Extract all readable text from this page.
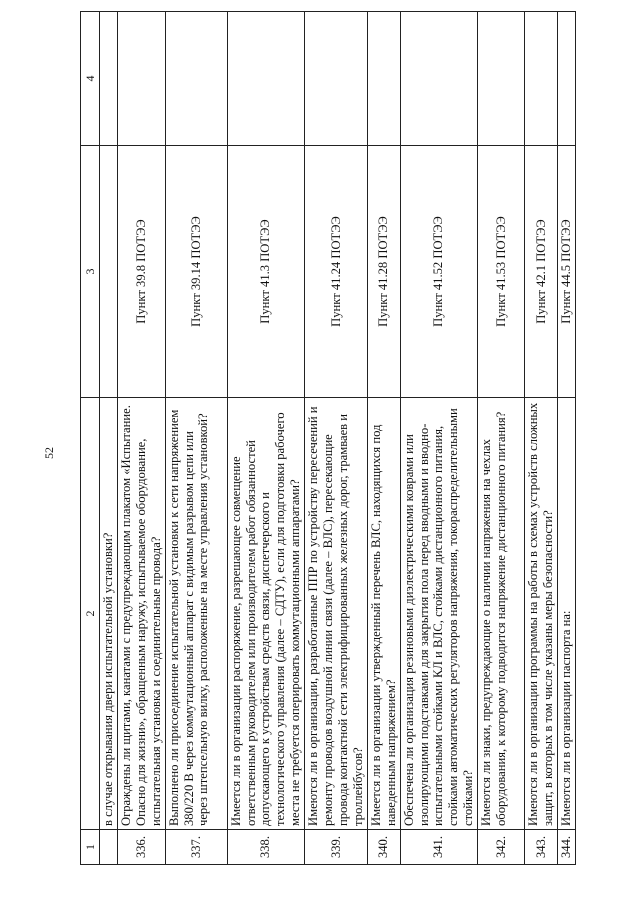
52
1	2	3	4
	в случае открывания двери испытательной установки?		
336.	Ограждены ли щитами, канатами с предупреждающим плакатом «Испытание. Опасно для жизни», обращенным наружу, испытываемое оборудование, испытательная установка и соединительные провода?	Пункт 39.8 ПОТЭЭ	
337.	Выполнено ли присоединение испытательной установки к сети напряжением 380/220 В через коммутационный аппарат с видимым разрывом цепи или через штепсельную вилку, расположенные на месте управления установкой?	Пункт 39.14 ПОТЭЭ	
338.	Имеется ли в организации распоряжение, разрешающее совмещение ответственным руководителем или производителем работ обязанностей допускающего к устройствам средств связи, диспетчерского и технологического управления (далее – СДТУ), если для подготовки рабочего места не требуется оперировать коммутационными аппаратами?	Пункт 41.3 ПОТЭЭ	
339.	Имеются ли в организации, разработанные ППР по устройству пересечений и ремонту проводов воздушной линии связи (далее – ВЛС), пересекающие провода контактной сети электрифицированных железных дорог, трамваев и троллейбусов?	Пункт 41.24 ПОТЭЭ	
340.	Имеется ли в организации утвержденный перечень ВЛС, находящихся под наведенным напряжением?	Пункт 41.28 ПОТЭЭ	
341.	Обеспечена ли организация резиновыми диэлектрическими коврами или изолирующими подставками для закрытия пола перед вводными и вводно-испытательными стойками КЛ и ВЛС, стойками дистанционного питания, стойками автоматических регуляторов напряжения, токораспределительными стойками?	Пункт 41.52 ПОТЭЭ	
342.	Имеются ли знаки, предупреждающие о наличии напряжения на чехлах оборудования, к которому подводится напряжение дистанционного питания?	Пункт 41.53 ПОТЭЭ	
343.	Имеются ли в организации программы на работы в схемах устройств сложных защит, в которых в том числе указаны меры безопасности?	Пункт 42.1 ПОТЭЭ	
344.	Имеются ли в организации паспорта на:	Пункт 44.5 ПОТЭЭ	
